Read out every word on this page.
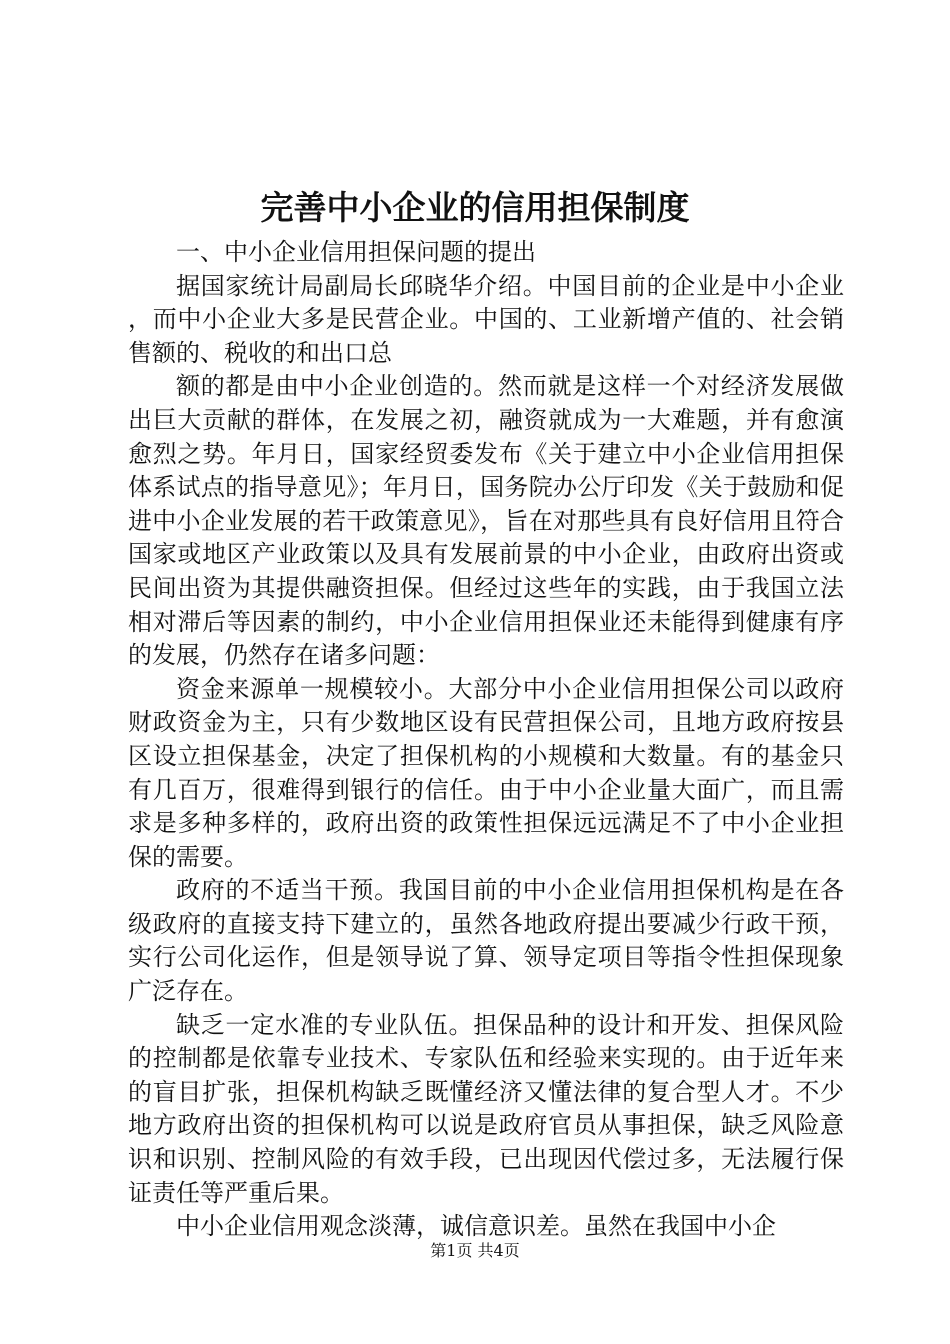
完善中小企业的信用担保制度

一、中小企业信用担保问题的提出

据国家统计局副局长邱晓华介绍。中国目前的企业是中小企业，而中小企业大多是民营企业。中国的、工业新增产值的、社会销售额的、税收的和出口总

额的都是由中小企业创造的。然而就是这样一个对经济发展做出巨大贡献的群体，在发展之初，融资就成为一大难题，并有愈演愈烈之势。年月日，国家经贸委发布《关于建立中小企业信用担保体系试点的指导意见》；年月日，国务院办公厅印发《关于鼓励和促进中小企业发展的若干政策意见》，旨在对那些具有良好信用且符合国家或地区产业政策以及具有发展前景的中小企业，由政府出资或民间出资为其提供融资担保。但经过这些年的实践，由于我国立法相对滞后等因素的制约，中小企业信用担保业还未能得到健康有序的发展，仍然存在诸多问题：

资金来源单一规模较小。大部分中小企业信用担保公司以政府财政资金为主，只有少数地区设有民营担保公司，且地方政府按县区设立担保基金，决定了担保机构的小规模和大数量。有的基金只有几百万，很难得到银行的信任。由于中小企业量大面广，而且需求是多种多样的，政府出资的政策性担保远远满足不了中小企业担保的需要。

政府的不适当干预。我国目前的中小企业信用担保机构是在各级政府的直接支持下建立的，虽然各地政府提出要减少行政干预，实行公司化运作，但是领导说了算、领导定项目等指令性担保现象广泛存在。

缺乏一定水准的专业队伍。担保品种的设计和开发、担保风险的控制都是依靠专业技术、专家队伍和经验来实现的。由于近年来的盲目扩张，担保机构缺乏既懂经济又懂法律的复合型人才。不少地方政府出资的担保机构可以说是政府官员从事担保，缺乏风险意识和识别、控制风险的有效手段，已出现因代偿过多，无法履行保证责任等严重后果。

中小企业信用观念淡薄，诚信意识差。虽然在我国中小企

第1页 共4页
